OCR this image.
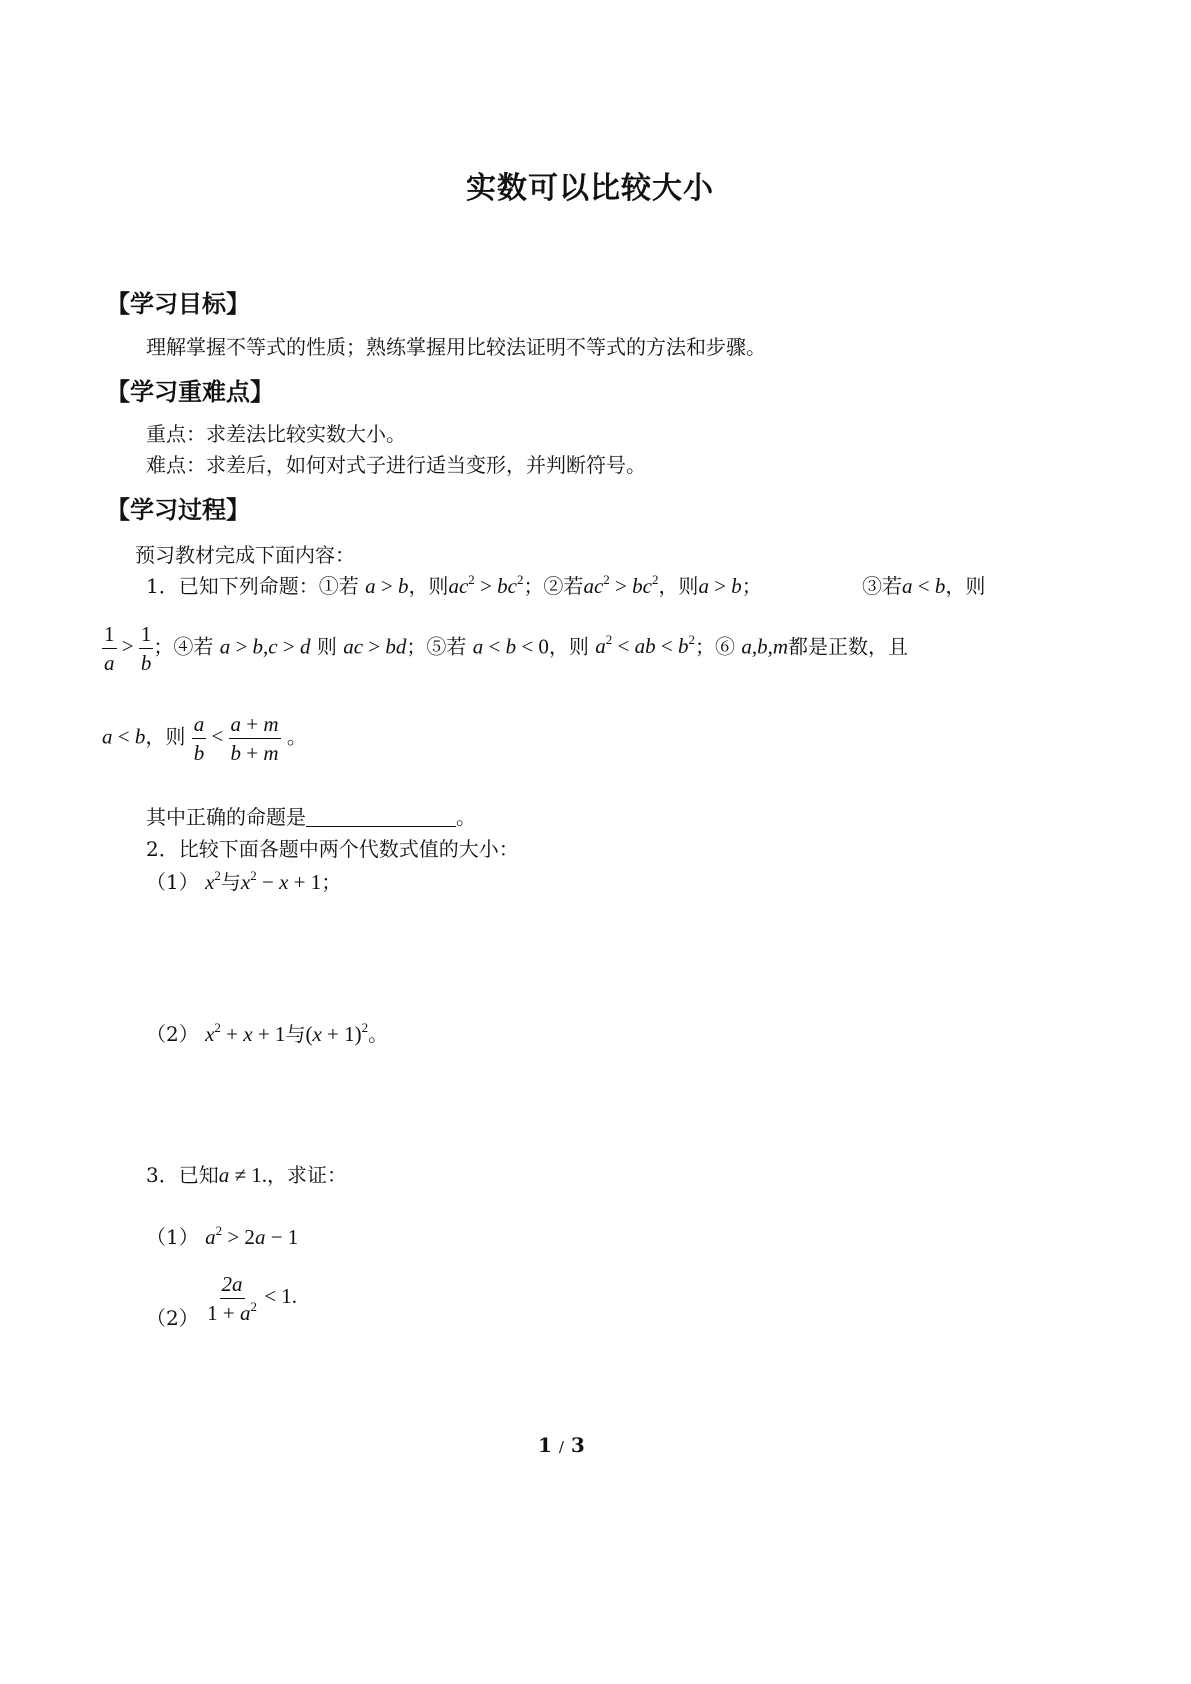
实数可以比较大小
【学习目标】
理解掌握不等式的性质；熟练掌握用比较法证明不等式的方法和步骤。
【学习重难点】
重点：求差法比较实数大小。
难点：求差后，如何对式子进行适当变形，并判断符号。
【学习过程】
预习教材完成下面内容：
1．已知下列命题：①若 a > b，则$ac^2 > bc^2$；②若$ac^2 > bc^2$，则a > b；	③若a < b，则
$\frac{1}{a} > \frac{1}{b}$ ；④若 a > b,c > d 则 ac > bd；⑤若 a < b < 0，则 $a^2$ < ab < $b^2$；⑥ a,b,m都是正数，且
a < b，则 $\frac{a}{b} < \frac{a + m}{b + m}$ 。
其中正确的命题是	。
2．比较下面各题中两个代数式值的大小：
（1） $x^2$与$x^2 - x + 1$；
（2） $x^2 + x + 1$与$(x + 1)^2$。
3．已知a ≠ 1.，求证：
（1） $a^2 > 2a - 1$
$(2) \frac{2a}{1 + a^2} < 1$.
1 / 3
